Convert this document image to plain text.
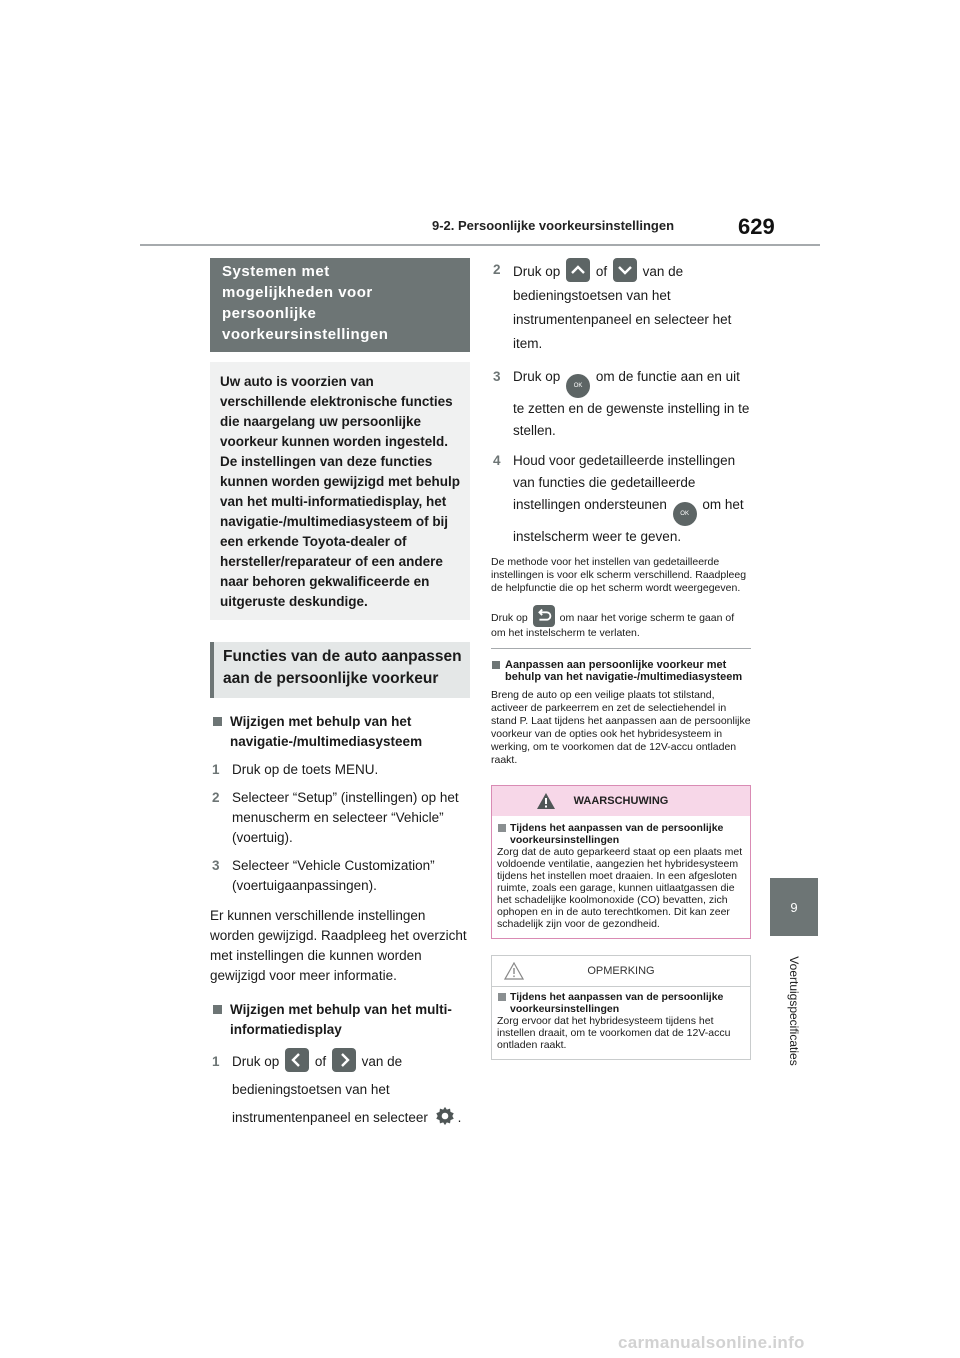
9-2. Persoonlijke voorkeursinstellingen	629
9
Voertuigspecificaties
Systemen met
mogelijkheden voor
persoonlijke
voorkeursinstellingen
Uw auto is voorzien van verschillende elektronische functies die naargelang uw persoonlijke voorkeur kunnen worden ingesteld. De instellingen van deze functies kunnen worden gewijzigd met behulp van het multi-informatiedisplay, het navigatie-/multimediasysteem of bij een erkende Toyota-dealer of hersteller/reparateur of een andere naar behoren gekwalificeerde en uitgeruste deskundige.
Functies van de auto aanpassen aan de persoonlijke voorkeur
Wijzigen met behulp van het navigatie-/multimediasysteem
1 Druk op de toets MENU.
2 Selecteer “Setup” (instellingen) op het menuscherm en selecteer “Vehicle” (voertuig).
3 Selecteer “Vehicle Customization” (voertuigaanpassingen).
Er kunnen verschillende instellingen worden gewijzigd. Raadpleeg het overzicht met instellingen die kunnen worden gewijzigd voor meer informatie.
Wijzigen met behulp van het multi-informatiedisplay
1 Druk op	of	van de bedieningstoetsen van het instrumentenpaneel en selecteer .
2 Druk op	of	van de bedieningstoetsen van het instrumentenpaneel en selecteer het item.
3 Druk op OK om de functie aan en uit te zetten en de gewenste instelling in te stellen.
4 Houd voor gedetailleerde instellingen van functies die gedetailleerde instellingen ondersteunen OK om het instelscherm weer te geven.
De methode voor het instellen van gedetailleerde instellingen is voor elk scherm verschillend. Raadpleeg de helpfunctie die op het scherm wordt weergegeven.
Druk op	om naar het vorige scherm te gaan of om het instelscherm te verlaten.
Aanpassen aan persoonlijke voorkeur met behulp van het navigatie-/multimediasysteem
Breng de auto op een veilige plaats tot stilstand, activeer de parkeerrem en zet de selectiehendel in stand P. Laat tijdens het aanpassen aan de persoonlijke voorkeur van de opties ook het hybridesysteem in werking, om te voorkomen dat de 12V-accu ontladen raakt.
WAARSCHUWING
Tijdens het aanpassen van de persoonlijke voorkeursinstellingen
Zorg dat de auto geparkeerd staat op een plaats met voldoende ventilatie, aangezien het hybridesysteem tijdens het instellen moet draaien. In een afgesloten ruimte, zoals een garage, kunnen uitlaatgassen die het schadelijke koolmonoxide (CO) bevatten, zich ophopen en in de auto terechtkomen. Dit kan zeer schadelijk zijn voor de gezondheid.
OPMERKING
Tijdens het aanpassen van de persoonlijke voorkeursinstellingen
Zorg ervoor dat het hybridesysteem tijdens het instellen draait, om te voorkomen dat de 12V-accu ontladen raakt.
carmanualsonline.info
